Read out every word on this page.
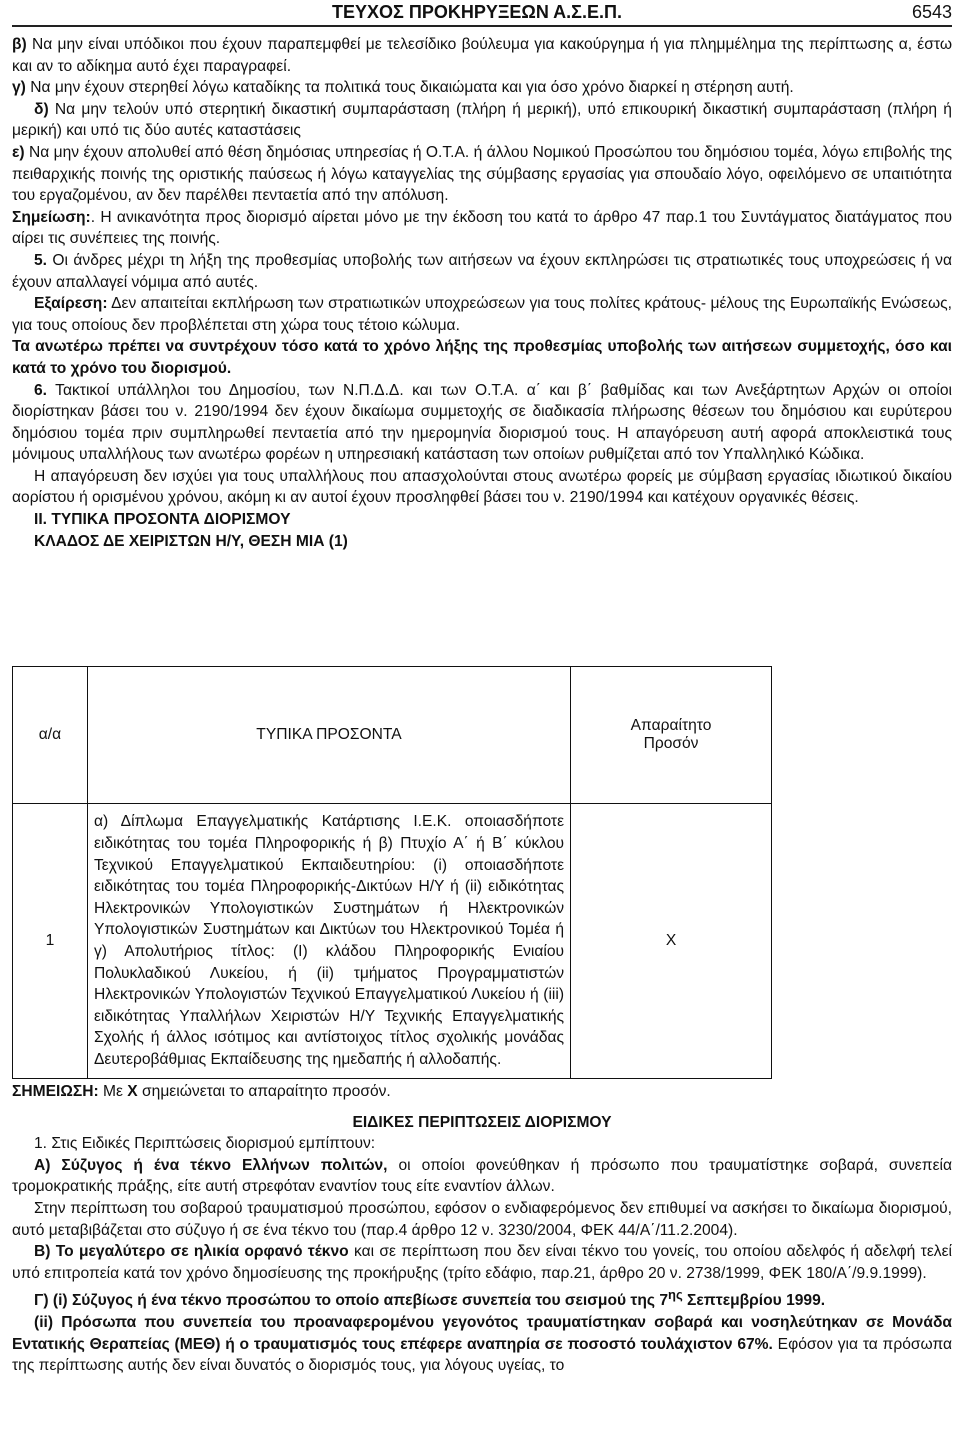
ΤΕΥΧΟΣ ΠΡΟΚΗΡΥΞΕΩΝ Α.Σ.Ε.Π.	6543

β) Να μην είναι υπόδικοι που έχουν παραπεμφθεί με τελεσίδικο βούλευμα για κακούργημα ή για πλημμέλημα της περίπτωσης α, έστω και αν το αδίκημα αυτό έχει παραγραφεί.

γ) Να μην έχουν στερηθεί λόγω καταδίκης τα πολιτικά τους δικαιώματα και για όσο χρόνο διαρκεί η στέρηση αυτή.

δ) Να μην τελούν υπό στερητική δικαστική συμπαράσταση (πλήρη ή μερική), υπό επικουρική δικαστική συμπαράσταση (πλήρη ή μερική) και υπό τις δύο αυτές καταστάσεις

ε) Να μην έχουν απολυθεί από θέση δημόσιας υπηρεσίας ή Ο.Τ.Α. ή άλλου Νομικού Προσώπου του δημόσιου τομέα, λόγω επιβολής της πειθαρχικής ποινής της οριστικής παύσεως ή λόγω καταγγελίας της σύμβασης εργασίας για σπουδαίο λόγο, οφειλόμενο σε υπαιτιότητα του εργαζομένου, αν δεν παρέλθει πενταετία από την απόλυση.

Σημείωση:. Η ανικανότητα προς διορισμό αίρεται μόνο με την έκδοση του κατά το άρθρο 47 παρ.1 του Συντάγματος διατάγματος που αίρει τις συνέπειες της ποινής.

5. Οι άνδρες μέχρι τη λήξη της προθεσμίας υποβολής των αιτήσεων να έχουν εκπληρώσει τις στρατιωτικές τους υποχρεώσεις ή να έχουν απαλλαγεί νόμιμα από αυτές.

Εξαίρεση: Δεν απαιτείται εκπλήρωση των στρατιωτικών υποχρεώσεων για τους πολίτες κράτους- μέλους της Ευρωπαϊκής Ενώσεως, για τους οποίους δεν προβλέπεται στη χώρα τους τέτοιο κώλυμα.

Τα ανωτέρω πρέπει να συντρέχουν τόσο κατά το χρόνο λήξης της προθεσμίας υποβολής των αιτήσεων συμμετοχής, όσο και κατά το χρόνο του διορισμού.

6. Τακτικοί υπάλληλοι του Δημοσίου, των Ν.Π.Δ.Δ. και των Ο.Τ.Α. α΄ και β΄ βαθμίδας και των Ανεξάρτητων Αρχών οι οποίοι διορίστηκαν βάσει του ν. 2190/1994 δεν έχουν δικαίωμα συμμετοχής σε διαδικασία πλήρωσης θέσεων του δημόσιου και ευρύτερου δημόσιου τομέα πριν συμπληρωθεί πενταετία από την ημερομηνία διορισμού τους. Η απαγόρευση αυτή αφορά αποκλειστικά τους μόνιμους υπαλλήλους των ανωτέρω φορέων η υπηρεσιακή κατάσταση των οποίων ρυθμίζεται από τον Υπαλληλικό Κώδικα.

Η απαγόρευση δεν ισχύει για τους υπαλλήλους που απασχολούνται στους ανωτέρω φορείς με σύμβαση εργασίας ιδιωτικού δικαίου αορίστου ή ορισμένου χρόνου, ακόμη κι αν αυτοί έχουν προσληφθεί βάσει του ν. 2190/1994 και κατέχουν οργανικές θέσεις.

ΙΙ. ΤΥΠΙΚΑ ΠΡΟΣΟΝΤΑ ΔΙΟΡΙΣΜΟΥ

ΚΛΑΔΟΣ ΔΕ ΧΕΙΡΙΣΤΩΝ Η/Υ, ΘΕΣΗ ΜΙΑ (1)

α/α	ΤΥΠΙΚΑ ΠΡΟΣΟΝΤΑ	Απαραίτητο
Προσόν
1	α) Δίπλωμα Επαγγελματικής Κατάρτισης Ι.Ε.Κ. οποιασδήποτε ειδικότητας του τομέα Πληροφορικής ή β) Πτυχίο Α΄ ή Β΄ κύκλου Τεχνικού Επαγγελματικού Εκπαιδευτηρίου: (i) οποιασδήποτε ειδικότητας του τομέα Πληροφορικής-Δικτύων Η/Υ ή (ii) ειδικότητας Ηλεκτρονικών Υπολογιστικών Συστημάτων ή Ηλεκτρονικών Υπολογιστικών Συστημάτων και Δικτύων του Ηλεκτρονικού Τομέα ή γ) Απολυτήριος τίτλος: (I) κλάδου Πληροφορικής Ενιαίου Πολυκλαδικού Λυκείου, ή (ii) τμήματος Προγραμματιστών Ηλεκτρονικών Υπολογιστών Τεχνικού Επαγγελματικού Λυκείου ή (iii) ειδικότητας Υπαλλήλων Χειριστών Η/Υ Τεχνικής Επαγγελματικής Σχολής ή άλλος ισότιμος και αντίστοιχος τίτλος σχολικής μονάδας Δευτεροβάθμιας Εκπαίδευσης της ημεδαπής ή αλλοδαπής.	Χ

ΣΗΜΕΙΩΣΗ: Με Χ σημειώνεται το απαραίτητο προσόν.

ΕΙΔΙΚΕΣ ΠΕΡΙΠΤΩΣΕΙΣ ΔΙΟΡΙΣΜΟΥ

1. Στις Ειδικές Περιπτώσεις διορισμού εμπίπτουν:

Α) Σύζυγος ή ένα τέκνο Ελλήνων πολιτών, οι οποίοι φονεύθηκαν ή πρόσωπο που τραυματίστηκε σοβαρά, συνεπεία τρομοκρατικής πράξης, είτε αυτή στρεφόταν εναντίον τους είτε εναντίον άλλων.

Στην περίπτωση του σοβαρού τραυματισμού προσώπου, εφόσον ο ενδιαφερόμενος δεν επιθυμεί να ασκήσει το δικαίωμα διορισμού, αυτό μεταβιβάζεται στο σύζυγο ή σε ένα τέκνο του (παρ.4 άρθρο 12 ν. 3230/2004, ΦΕΚ 44/Α΄/11.2.2004).

Β) Το μεγαλύτερο σε ηλικία ορφανό τέκνο και σε περίπτωση που δεν είναι τέκνο του γονείς, του οποίου αδελφός ή αδελφή τελεί υπό επιτροπεία κατά τον χρόνο δημοσίευσης της προκήρυξης (τρίτο εδάφιο, παρ.21, άρθρο 20 ν. 2738/1999, ΦΕΚ 180/Α΄/9.9.1999).

Γ) (i) Σύζυγος ή ένα τέκνο προσώπου το οποίο απεβίωσε συνεπεία του σεισμού της $7^{\eta\varsigma}$ Σεπτεμβρίου 1999.

(ii) Πρόσωπα που συνεπεία του προαναφερομένου γεγονότος τραυματίστηκαν σοβαρά και νοσηλεύτηκαν σε Μονάδα Εντατικής Θεραπείας (ΜΕΘ) ή ο τραυματισμός τους επέφερε αναπηρία σε ποσοστό τουλάχιστον 67%. Εφόσον για τα πρόσωπα της περίπτωσης αυτής δεν είναι δυνατός ο διορισμός τους, για λόγους υγείας, το
